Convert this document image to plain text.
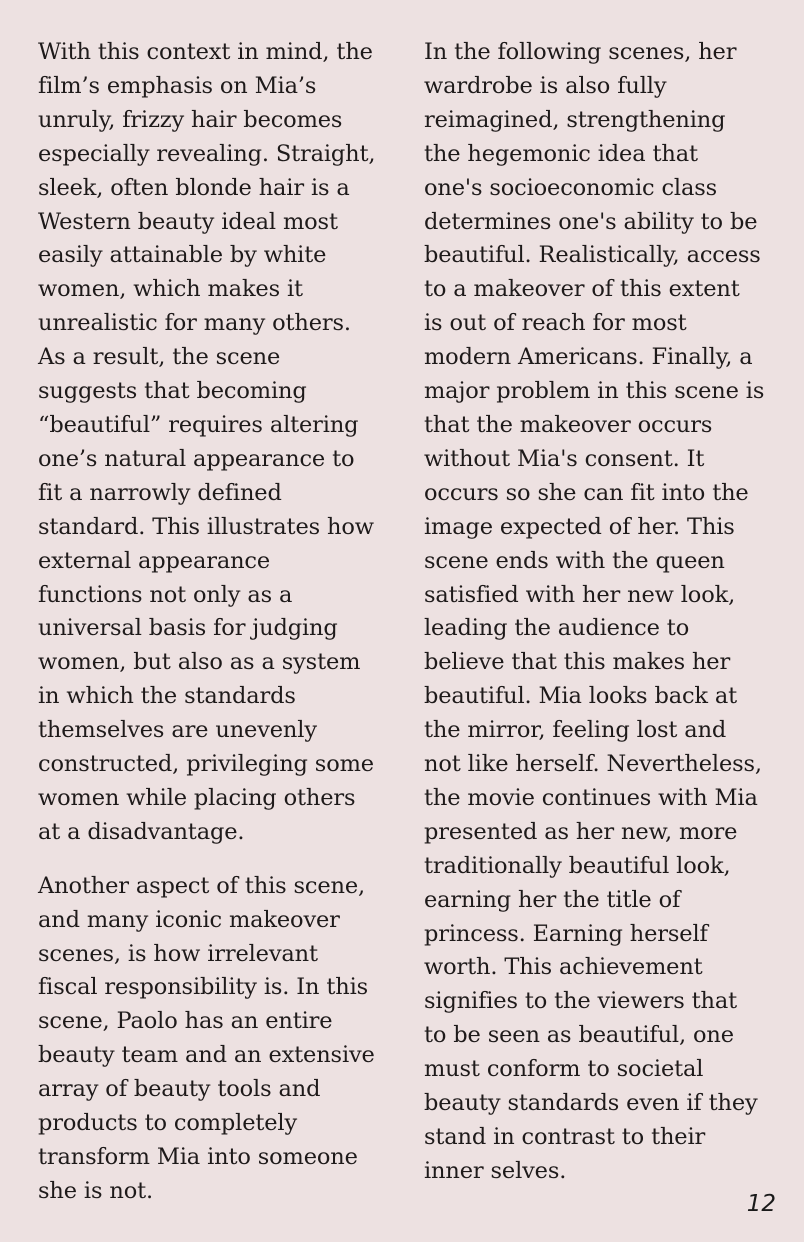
With this context in mind, the
film’s emphasis on Mia’s
unruly, frizzy hair becomes
especially revealing. Straight,
sleek, often blonde hair is a
Western beauty ideal most
easily attainable by white
women, which makes it
unrealistic for many others.
As a result, the scene
suggests that becoming
“beautiful” requires altering
one’s natural appearance to
fit a narrowly defined
standard. This illustrates how
external appearance
functions not only as a
universal basis for judging
women, but also as a system
in which the standards
themselves are unevenly
constructed, privileging some
women while placing others
at a disadvantage.

Another aspect of this scene,
and many iconic makeover
scenes, is how irrelevant
fiscal responsibility is. In this
scene, Paolo has an entire
beauty team and an extensive
array of beauty tools and
products to completely
transform Mia into someone
she is not.

In the following scenes, her
wardrobe is also fully
reimagined, strengthening
the hegemonic idea that
one's socioeconomic class
determines one's ability to be
beautiful. Realistically, access
to a makeover of this extent
is out of reach for most
modern Americans. Finally, a
major problem in this scene is
that the makeover occurs
without Mia's consent. It
occurs so she can fit into the
image expected of her. This
scene ends with the queen
satisfied with her new look,
leading the audience to
believe that this makes her
beautiful. Mia looks back at
the mirror, feeling lost and
not like herself. Nevertheless,
the movie continues with Mia
presented as her new, more
traditionally beautiful look,
earning her the title of
princess. Earning herself
worth. This achievement
signifies to the viewers that
to be seen as beautiful, one
must conform to societal
beauty standards even if they
stand in contrast to their
inner selves.

12
